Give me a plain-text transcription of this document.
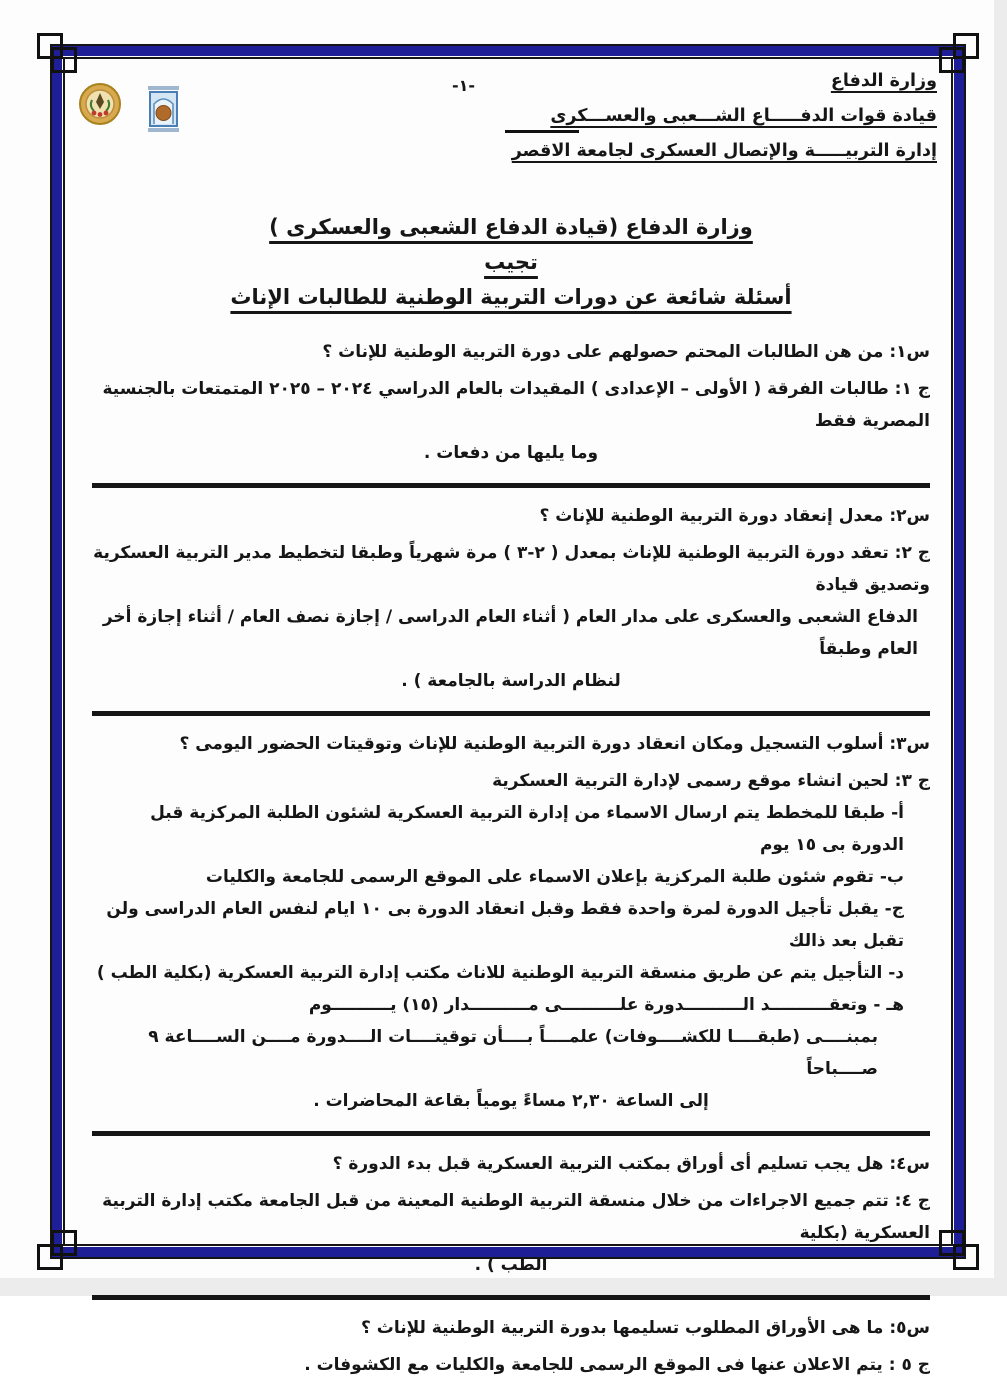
-١-	وزارة الدفاع
قيادة قوات الدفـــــاع الشـــعبى والعســـكرى
إدارة التربيـــــة والإتصال العسكرى لجامعة الاقصر
وزارة الدفاع (قيادة الدفاع الشعبى والعسكرى )
تجيب
أسئلة شائعة عن دورات التربية الوطنية للطالبات الإناث
س١: من هن الطالبات المحتم حصولهم على دورة التربية الوطنية للإناث ؟
ج ١: طالبات الفرقة ( الأولى – الإعدادى ) المقيدات بالعام الدراسي ٢٠٢٤ – ٢٠٢٥ المتمتعات بالجنسية المصرية فقط
وما يليها من دفعات .
س٢: معدل إنعقاد دورة التربية الوطنية للإناث ؟
ج ٢: تعقد دورة التربية الوطنية للإناث بمعدل ( ٢-٣ ) مرة شهرياً وطبقا لتخطيط مدير التربية العسكرية وتصديق قيادة
الدفاع الشعبى والعسكرى على مدار العام ( أثناء العام الدراسى / إجازة نصف العام / أثناء إجازة أخر العام وطبقاً
لنظام الدراسة بالجامعة ) .
س٣: أسلوب التسجيل ومكان انعقاد دورة التربية الوطنية للإناث وتوقيتات الحضور اليومى ؟
ج ٣: لحين انشاء موقع رسمى لإدارة التربية العسكرية
أ- طبقا للمخطط يتم ارسال الاسماء من إدارة التربية العسكرية لشئون الطلبة المركزية قبل الدورة بى ١٥ يوم
ب- تقوم شئون طلبة المركزية بإعلان الاسماء على الموقع الرسمى للجامعة والكليات
ج- يقبل تأجيل الدورة لمرة واحدة فقط وقبل انعقاد الدورة بى ١٠ ايام لنفس العام الدراسى ولن تقبل بعد ذالك
د- التأجيل يتم عن طريق منسقة التربية الوطنية للاناث مكتب إدارة التربية العسكرية (بكلية الطب )
هـ - وتعقــــــــــد الــــــــــدورة علــــــــــى مــــــــــدار (١٥) يــــــــــوم
بمبنــــى (طبقــــا للكشــــوفات) علمــــاً بــــأن توقيتــــات الــــدورة مــــن الســــاعة ٩ صــــباحاً
إلى الساعة ٢,٣٠ مساءً يومياً بقاعة المحاضرات .
س٤: هل يجب تسليم أى أوراق بمكتب التربية العسكرية قبل بدء الدورة ؟
ج ٤: تتم جميع الاجراءات من خلال منسقة التربية الوطنية المعينة من قبل الجامعة مكتب إدارة التربية العسكرية (بكلية
الطب ) .
س٥: ما هى الأوراق المطلوب تسليمها بدورة التربية الوطنية للإناث ؟
ج ٥ : يتم الاعلان عنها فى الموقع الرسمى للجامعة والكليات مع الكشوفات .
